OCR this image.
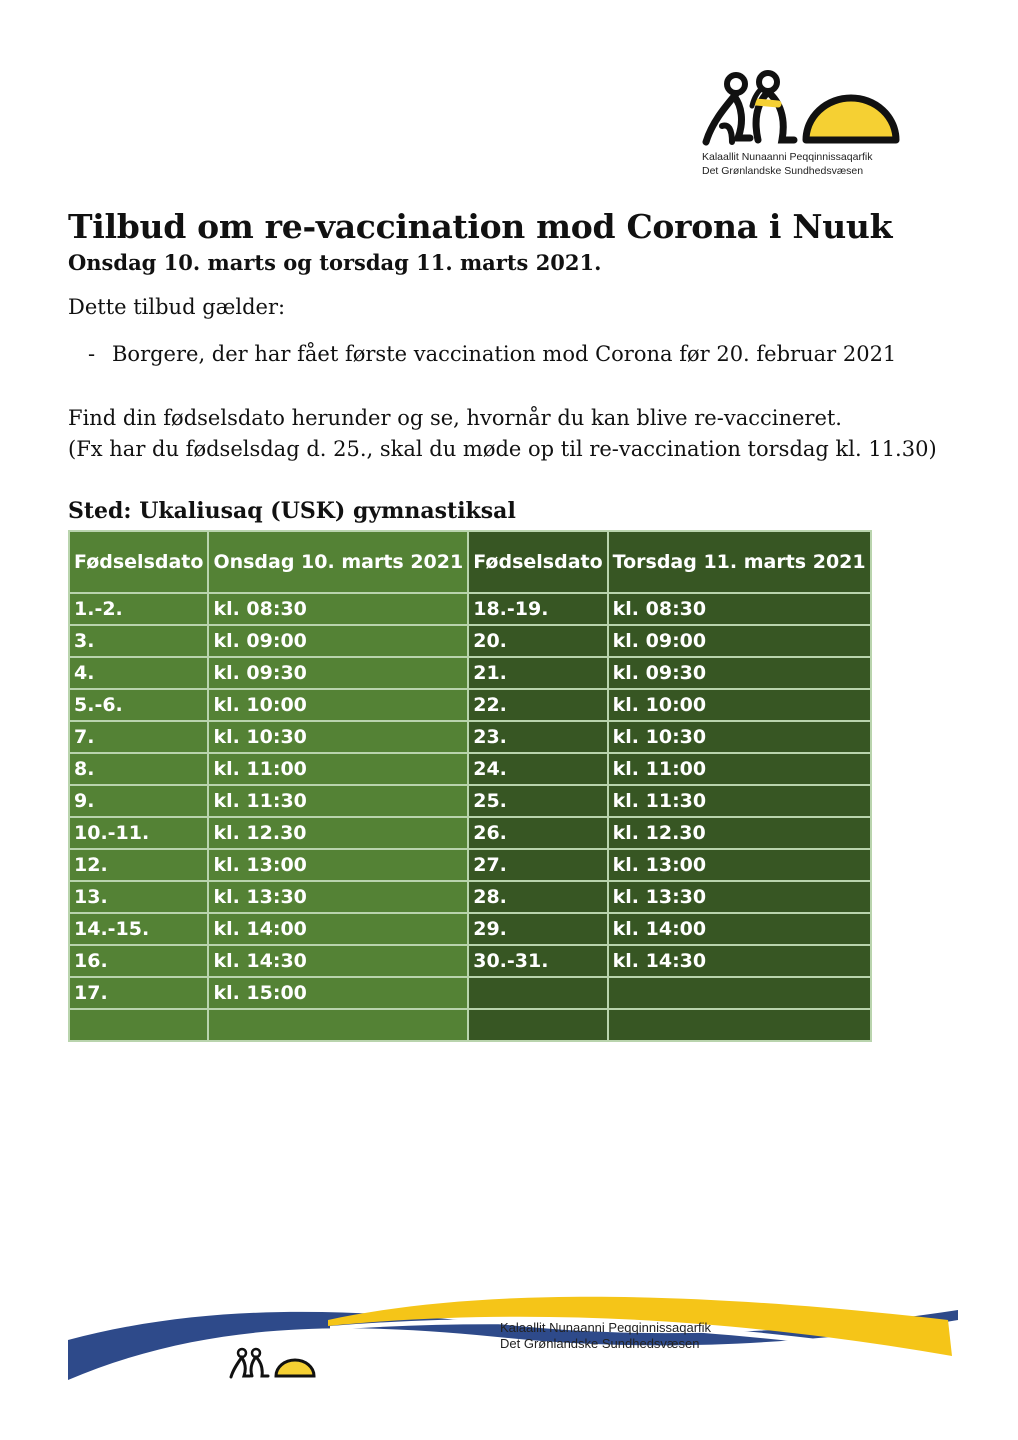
Kalaallit Nunaanni Peqqinnissaqarfik
Det Grønlandske Sundhedsvæsen
Tilbud om re-vaccination mod Corona i Nuuk
Onsdag 10. marts og torsdag 11. marts 2021.
Dette tilbud gælder:
- Borgere, der har fået første vaccination mod Corona før 20. februar 2021
Find din fødselsdato herunder og se, hvornår du kan blive re-vaccineret.
(Fx har du fødselsdag d. 25., skal du møde op til re-vaccination torsdag kl. 11.30)
Sted: Ukaliusaq (USK) gymnastiksal
Fødselsdato	Onsdag 10. marts 2021	Fødselsdato	Torsdag 11. marts 2021
1.-2.	kl. 08:30	18.-19.	kl. 08:30
3.	kl. 09:00	20.	kl. 09:00
4.	kl. 09:30	21.	kl. 09:30
5.-6.	kl. 10:00	22.	kl. 10:00
7.	kl. 10:30	23.	kl. 10:30
8.	kl. 11:00	24.	kl. 11:00
9.	kl. 11:30	25.	kl. 11:30
10.-11.	kl. 12.30	26.	kl. 12.30
12.	kl. 13:00	27.	kl. 13:00
13.	kl. 13:30	28.	kl. 13:30
14.-15.	kl. 14:00	29.	kl. 14:00
16.	kl. 14:30	30.-31.	kl. 14:30
17.	kl. 15:00		

Kalaallit Nunaanni Peqqinnissaqarfik
Det Grønlandske Sundhedsvæsen
